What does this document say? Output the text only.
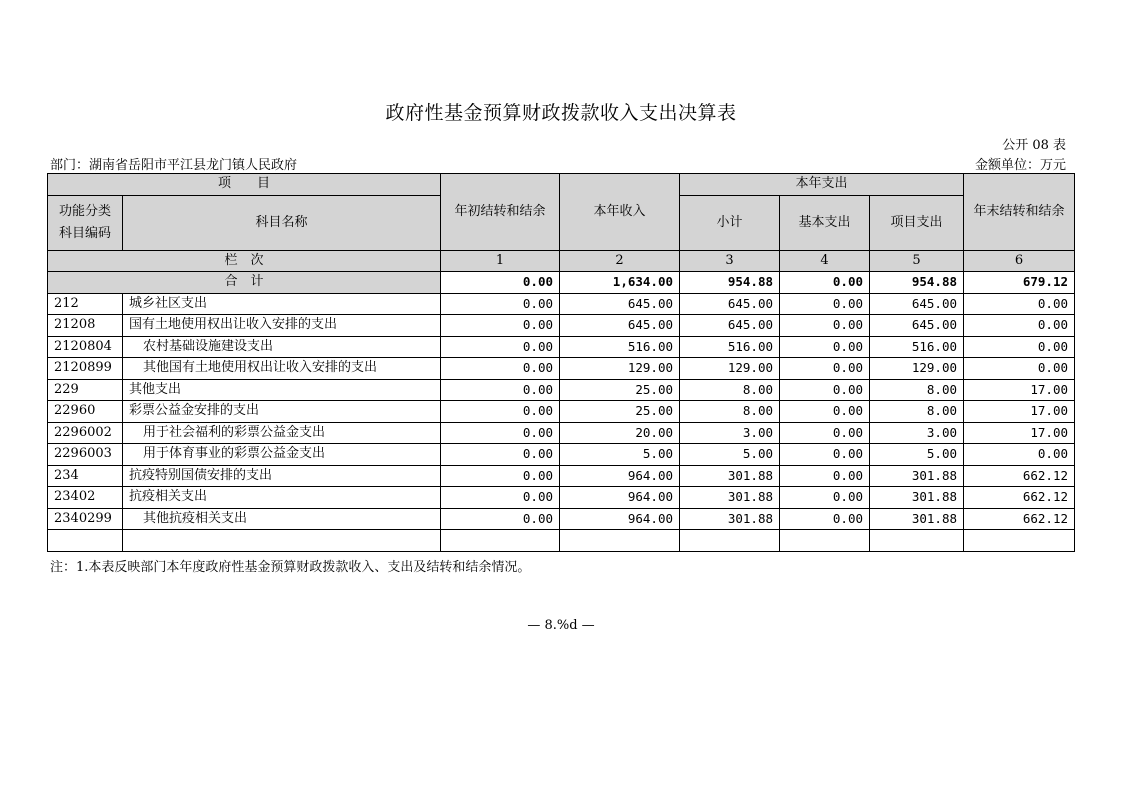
政府性基金预算财政拨款收入支出决算表
公开 08 表
部门：湖南省岳阳市平江县龙门镇人民政府	金额单位：万元
项　　目		年初结转和结余	本年收入	本年支出			年末结转和结余
功能分类科目编码	科目名称			小计	基本支出	项目支出	
栏　次		1	2	3	4	5	6
合　计		0.00	1,634.00	954.88	0.00	954.88	679.12
212	城乡社区支出	0.00	645.00	645.00	0.00	645.00	0.00
21208	国有土地使用权出让收入安排的支出	0.00	645.00	645.00	0.00	645.00	0.00
2120804	农村基础设施建设支出	0.00	516.00	516.00	0.00	516.00	0.00
2120899	其他国有土地使用权出让收入安排的支出	0.00	129.00	129.00	0.00	129.00	0.00
229	其他支出	0.00	25.00	8.00	0.00	8.00	17.00
22960	彩票公益金安排的支出	0.00	25.00	8.00	0.00	8.00	17.00
2296002	用于社会福利的彩票公益金支出	0.00	20.00	3.00	0.00	3.00	17.00
2296003	用于体育事业的彩票公益金支出	0.00	5.00	5.00	0.00	5.00	0.00
234	抗疫特别国债安排的支出	0.00	964.00	301.88	0.00	301.88	662.12
23402	抗疫相关支出	0.00	964.00	301.88	0.00	301.88	662.12
2340299	其他抗疫相关支出	0.00	964.00	301.88	0.00	301.88	662.12

注：1.本表反映部门本年度政府性基金预算财政拨款收入、支出及结转和结余情况。
— 8.%d —
